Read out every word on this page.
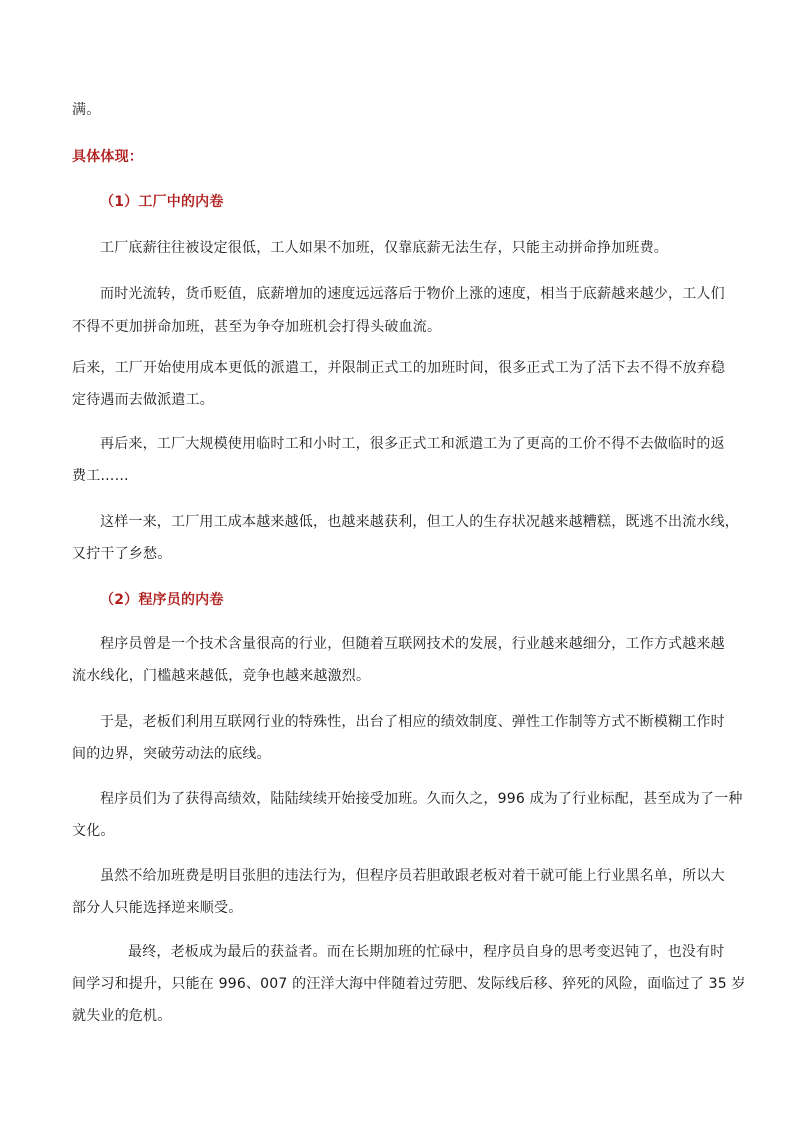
满。
具体体现：
（1）工厂中的内卷
工厂底薪往往被设定很低，工人如果不加班，仅靠底薪无法生存，只能主动拼命挣加班费。
而时光流转，货币贬值，底薪增加的速度远远落后于物价上涨的速度，相当于底薪越来越少，工人们
不得不更加拼命加班，甚至为争夺加班机会打得头破血流。
后来，工厂开始使用成本更低的派遣工，并限制正式工的加班时间，很多正式工为了活下去不得不放弃稳
定待遇而去做派遣工。
再后来，工厂大规模使用临时工和小时工，很多正式工和派遣工为了更高的工价不得不去做临时的返
费工……
这样一来，工厂用工成本越来越低，也越来越获利，但工人的生存状况越来越糟糕，既逃不出流水线，
又拧干了乡愁。
（2）程序员的内卷
程序员曾是一个技术含量很高的行业，但随着互联网技术的发展，行业越来越细分，工作方式越来越
流水线化，门槛越来越低，竞争也越来越激烈。
于是，老板们利用互联网行业的特殊性，出台了相应的绩效制度、弹性工作制等方式不断模糊工作时
间的边界，突破劳动法的底线。
程序员们为了获得高绩效，陆陆续续开始接受加班。久而久之，996 成为了行业标配，甚至成为了一种
文化。
虽然不给加班费是明目张胆的违法行为，但程序员若胆敢跟老板对着干就可能上行业黑名单，所以大
部分人只能选择逆来顺受。
最终，老板成为最后的获益者。而在长期加班的忙碌中，程序员自身的思考变迟钝了，也没有时
间学习和提升，只能在 996、007 的汪洋大海中伴随着过劳肥、发际线后移、猝死的风险，面临过了 35 岁
就失业的危机。
